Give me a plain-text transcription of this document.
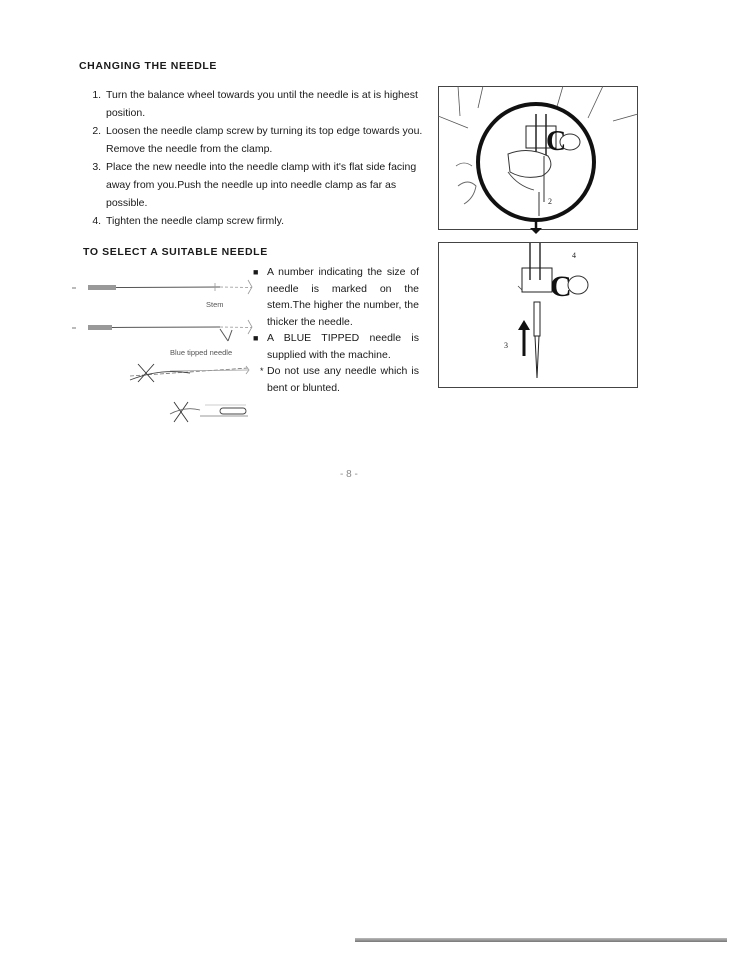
CHANGING THE NEEDLE
1. Turn the balance wheel towards you until the needle is at is highest position.
2. Loosen the needle clamp screw by turning its top edge towards you. Remove the needle from the clamp.
3. Place the new needle into the needle clamp with it's flat side facing away from you.Push the needle up into needle clamp as far as possible.
4. Tighten the needle clamp screw firmly.
TO SELECT A SUITABLE NEEDLE
■ A number indicating the size of needle is marked on the stem.The higher the number, the thicker the needle.
■ A BLUE TIPPED needle is supplied with the machine.
* Do not use any needle which is bent or blunted.
Stem
Blue tipped needle
C
2
C
4
3
- 8 -
